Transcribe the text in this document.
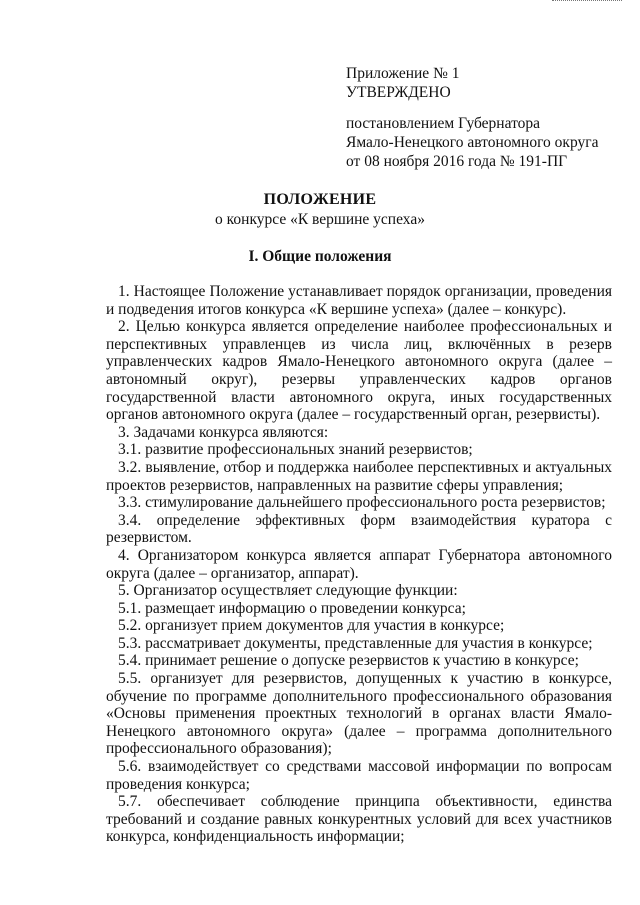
Приложение № 1
УТВЕРЖДЕНО
постановлением Губернатора
Ямало-Ненецкого автономного округа
от 08 ноября 2016 года № 191-ПГ
ПОЛОЖЕНИЕ
о конкурсе «К вершине успеха»
I. Общие положения

1. Настоящее Положение устанавливает порядок организации, проведения и подведения итогов конкурса «К вершине успеха» (далее – конкурс).

2. Целью конкурса является определение наиболее профессиональных и перспективных управленцев из числа лиц, включённых в резерв управленческих кадров Ямало-Ненецкого автономного округа (далее – автономный округ), резервы управленческих кадров органов государственной власти автономного округа, иных государственных органов автономного округа (далее – государственный орган, резервисты).

3. Задачами конкурса являются:

3.1. развитие профессиональных знаний резервистов;

3.2. выявление, отбор и поддержка наиболее перспективных и актуальных проектов резервистов, направленных на развитие сферы управления;

3.3. стимулирование дальнейшего профессионального роста резервистов;

3.4. определение эффективных форм взаимодействия куратора с резервистом.

4. Организатором конкурса является аппарат Губернатора автономного округа (далее – организатор, аппарат).

5. Организатор осуществляет следующие функции:

5.1. размещает информацию о проведении конкурса;

5.2. организует прием документов для участия в конкурсе;

5.3. рассматривает документы, представленные для участия в конкурсе;

5.4. принимает решение о допуске резервистов к участию в конкурсе;

5.5. организует для резервистов, допущенных к участию в конкурсе, обучение по программе дополнительного профессионального образования «Основы применения проектных технологий в органах власти Ямало-Ненецкого автономного округа» (далее – программа дополнительного профессионального образования);

5.6. взаимодействует со средствами массовой информации по вопросам проведения конкурса;

5.7. обеспечивает соблюдение принципа объективности, единства требований и создание равных конкурентных условий для всех участников конкурса, конфиденциальность информации;
